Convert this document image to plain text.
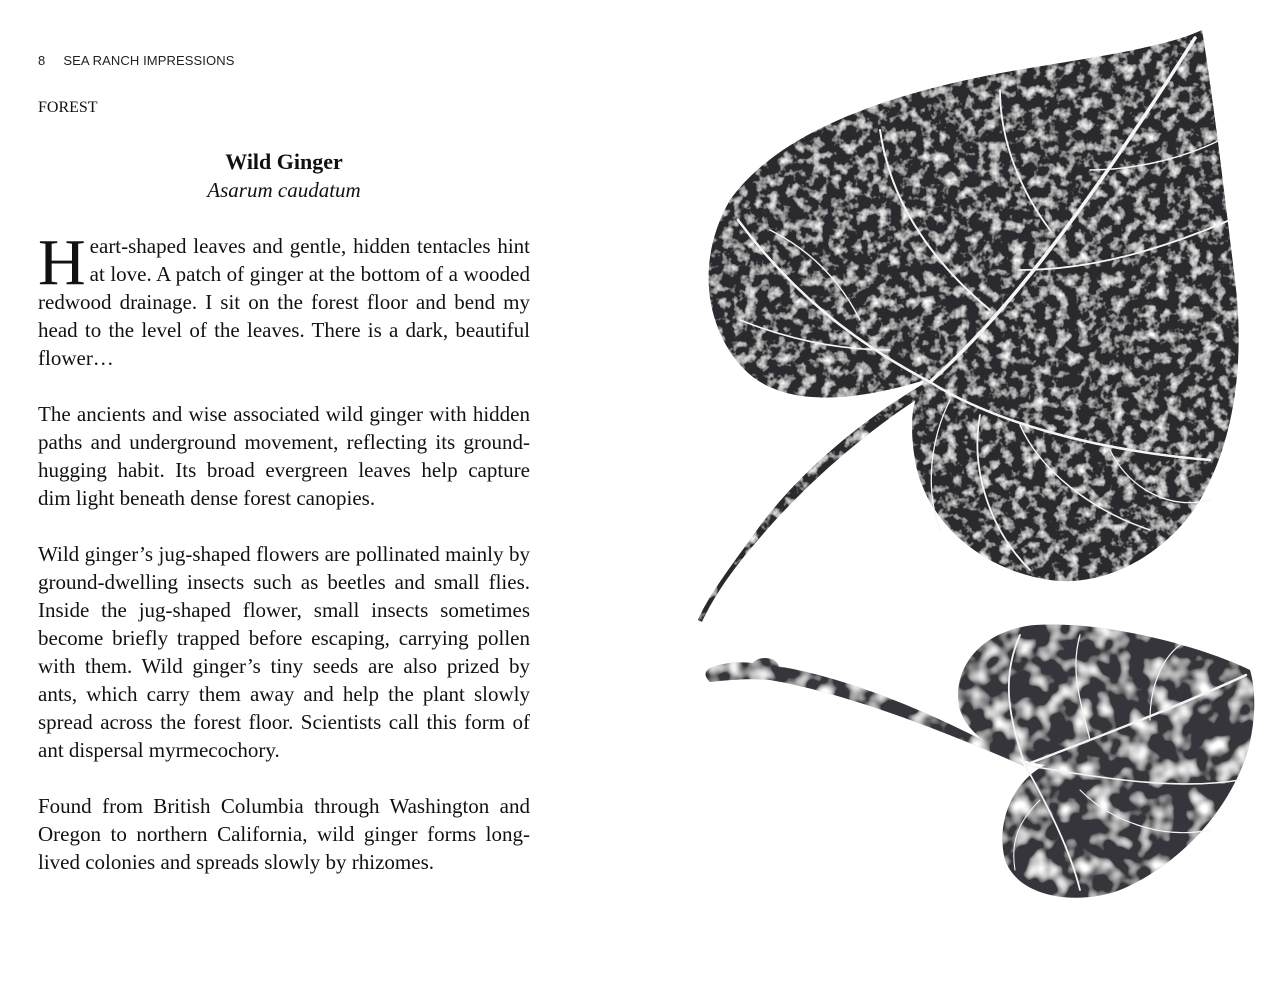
8 SEA RANCH IMPRESSIONS
FOREST
Wild Ginger
Asarum caudatum

Heart-shaped leaves and gentle, hidden tentacles hint at love. A patch of ginger at the bottom of a wooded redwood drainage. I sit on the forest floor and bend my head to the level of the leaves. There is a dark, beautiful flower…

The ancients and wise associated wild ginger with hidden paths and underground movement, reflecting its ground-hugging habit. Its broad evergreen leaves help capture dim light beneath dense forest canopies.

Wild ginger’s jug-shaped flowers are pollinated mainly by ground-dwelling insects such as beetles and small flies. Inside the jug-shaped flower, small insects sometimes become briefly trapped before escaping, carrying pollen with them. Wild ginger’s tiny seeds are also prized by ants, which carry them away and help the plant slowly spread across the forest floor. Scientists call this form of ant dispersal myrmecochory.

Found from British Columbia through Washington and Oregon to northern California, wild ginger forms long-lived colonies and spreads slowly by rhizomes.
